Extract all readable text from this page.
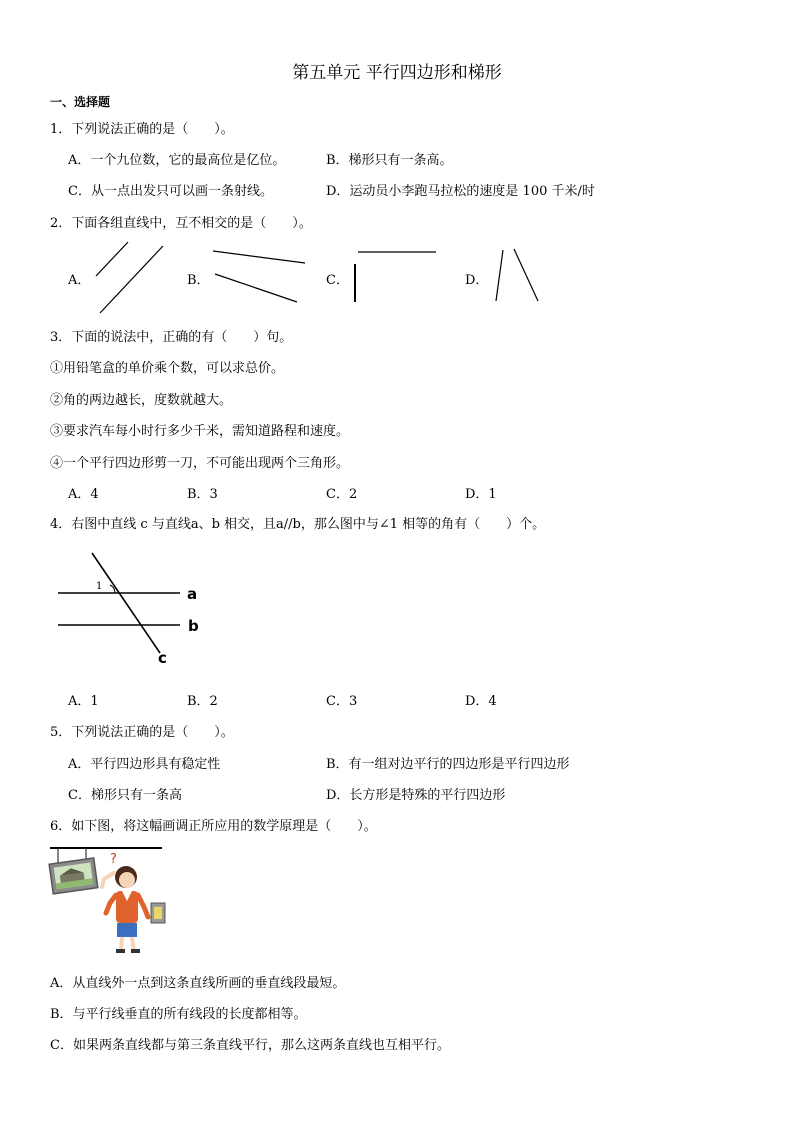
第五单元 平行四边形和梯形
一、选择题
1．下列说法正确的是（　　）。
A．一个九位数，它的最高位是亿位。	B．梯形只有一条高。
C．从一点出发只可以画一条射线。	D．运动员小李跑马拉松的速度是 100 千米/时
2．下面各组直线中，互不相交的是（　　）。
A．	B．	C．	D．
3．下面的说法中，正确的有（　　）句。
①用铅笔盒的单价乘个数，可以求总价。
②角的两边越长，度数就越大。
③要求汽车每小时行多少千米，需知道路程和速度。
④一个平行四边形剪一刀，不可能出现两个三角形。
A．4	B．3	C．2	D．1
4．右图中直线 c 与直线a、b 相交，且a//b，那么图中与∠1 相等的角有（　　）个。
1	a
b
c
A．1	B．2	C．3	D．4
5．下列说法正确的是（　　）。
A．平行四边形具有稳定性	B．有一组对边平行的四边形是平行四边形
C．梯形只有一条高	D．长方形是特殊的平行四边形
6．如下图，将这幅画调正所应用的数学原理是（　　）。
?
A．从直线外一点到这条直线所画的垂直线段最短。
B．与平行线垂直的所有线段的长度都相等。
C．如果两条直线都与第三条直线平行，那么这两条直线也互相平行。
